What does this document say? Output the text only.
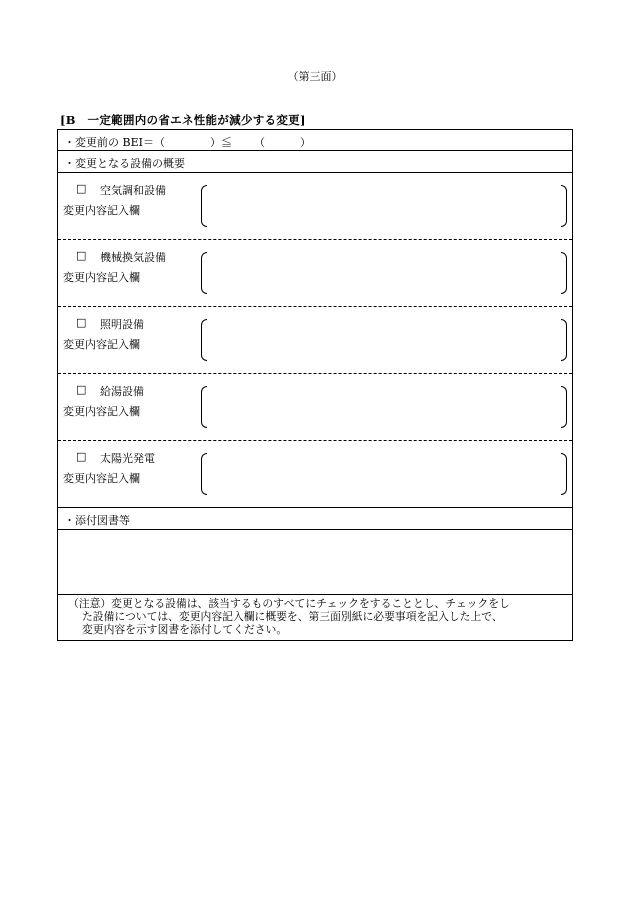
（第三面）
[B　一定範囲内の省エネ性能が減少する変更]
・変更前の BEI＝（	）≦ （	）
・変更となる設備の概要
□ 空気調和設備
変更内容記入欄
□ 機械換気設備
変更内容記入欄
□ 照明設備
変更内容記入欄
□ 給湯設備
変更内容記入欄
□ 太陽光発電
変更内容記入欄
・添付図書等
（注意）変更となる設備は、該当するものすべてにチェックをすることとし、チェックをし
た設備については、変更内容記入欄に概要を、第三面別紙に必要事項を記入した上で、
変更内容を示す図書を添付してください。
